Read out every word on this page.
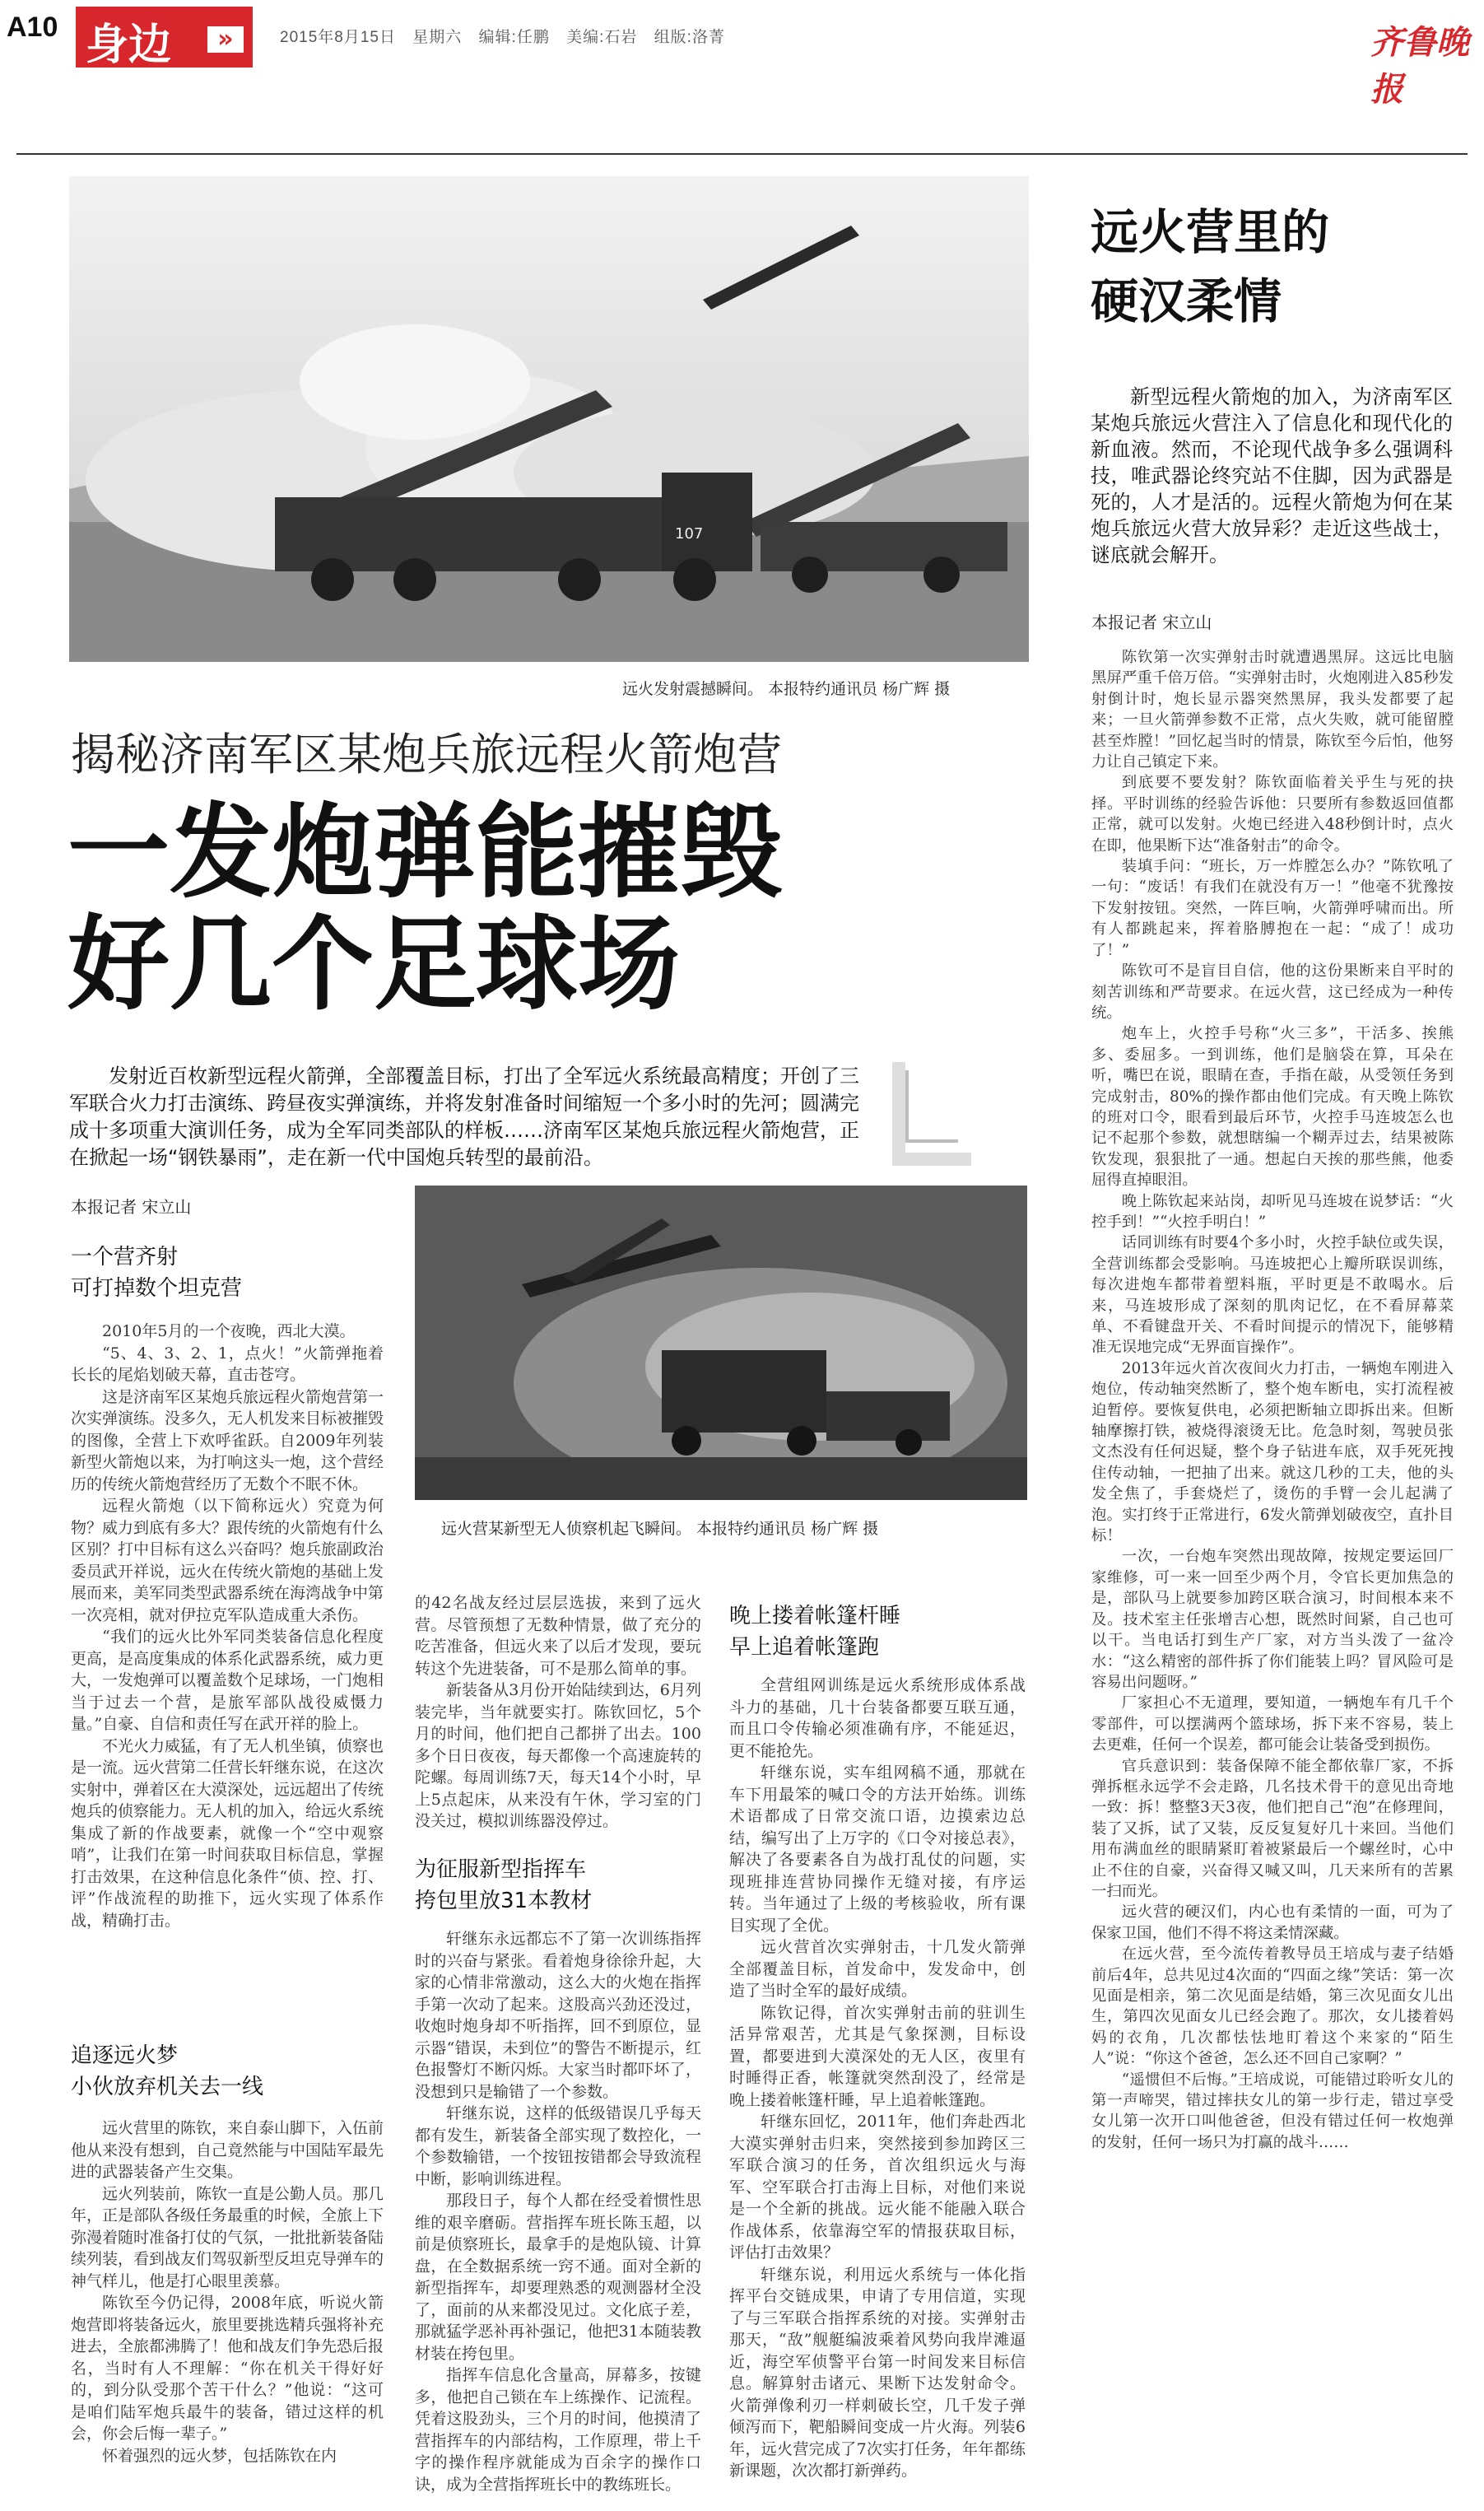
A10 身边	»	2015年8月15日 星期六 编辑:任鹏 美编:石岩 组版:洛菁	齐鲁晚报
107
远火发射震撼瞬间。 本报特约通讯员 杨广辉 摄
揭秘济南军区某炮兵旅远程火箭炮营
一发炮弹能摧毁
好几个足球场
发射近百枚新型远程火箭弹，全部覆盖目标，打出了全军远火系统最高精度；开创了三军联合火力打击演练、跨昼夜实弹演练，并将发射准备时间缩短一个多小时的先河；圆满完成十多项重大演训任务，成为全军同类部队的样板……济南军区某炮兵旅远程火箭炮营，正在掀起一场“钢铁暴雨”，走在新一代中国炮兵转型的最前沿。
远火营某新型无人侦察机起飞瞬间。 本报特约通讯员 杨广辉 摄
本报记者 宋立山
一个营齐射
可打掉数个坦克营

2010年5月的一个夜晚，西北大漠。

“5、4、3、2、1，点火！”火箭弹拖着长长的尾焰划破天幕，直击苍穹。

这是济南军区某炮兵旅远程火箭炮营第一次实弹演练。没多久，无人机发来目标被摧毁的图像，全营上下欢呼雀跃。自2009年列装新型火箭炮以来，为打响这头一炮，这个营经历的传统火箭炮营经历了无数个不眠不休。

远程火箭炮（以下简称远火）究竟为何物？威力到底有多大？跟传统的火箭炮有什么区别？打中目标有这么兴奋吗？炮兵旅副政治委员武开祥说，远火在传统火箭炮的基础上发展而来，美军同类型武器系统在海湾战争中第一次亮相，就对伊拉克军队造成重大杀伤。

“我们的远火比外军同类装备信息化程度更高，是高度集成的体系化武器系统，威力更大，一发炮弹可以覆盖数个足球场，一门炮相当于过去一个营，是旅军部队战役威慑力量。”自豪、自信和责任写在武开祥的脸上。

不光火力威猛，有了无人机坐镇，侦察也是一流。远火营第二任营长轩继东说，在这次实射中，弹着区在大漠深处，远远超出了传统炮兵的侦察能力。无人机的加入，给远火系统集成了新的作战要素，就像一个“空中观察哨”，让我们在第一时间获取目标信息，掌握打击效果，在这种信息化条件“侦、控、打、评”作战流程的助推下，远火实现了体系作战，精确打击。

追逐远火梦
小伙放弃机关去一线

远火营里的陈钦，来自泰山脚下，入伍前他从来没有想到，自己竟然能与中国陆军最先进的武器装备产生交集。

远火列装前，陈钦一直是公勤人员。那几年，正是部队各级任务最重的时候，全旅上下弥漫着随时准备打仗的气氛，一批批新装备陆续列装，看到战友们驾驭新型反坦克导弹车的神气样儿，他是打心眼里羡慕。

陈钦至今仍记得，2008年底，听说火箭炮营即将装备远火，旅里要挑选精兵强将补充进去，全旅都沸腾了！他和战友们争先恐后报名，当时有人不理解：“你在机关干得好好的，到分队受那个苦干什么？”他说：“这可是咱们陆军炮兵最牛的装备，错过这样的机会，你会后悔一辈子。”

怀着强烈的远火梦，包括陈钦在内

的42名战友经过层层选拔，来到了远火营。尽管预想了无数种情景，做了充分的吃苦准备，但远火来了以后才发现，要玩转这个先进装备，可不是那么简单的事。

新装备从3月份开始陆续到达，6月列装完毕，当年就要实打。陈钦回忆，5个月的时间，他们把自己都拼了出去。100多个日日夜夜，每天都像一个高速旋转的陀螺。每周训练7天，每天14个小时，早上5点起床，从来没有午休，学习室的门没关过，模拟训练器没停过。

为征服新型指挥车
挎包里放31本教材

轩继东永远都忘不了第一次训练指挥时的兴奋与紧张。看着炮身徐徐升起，大家的心情非常激动，这么大的火炮在指挥手第一次动了起来。这股高兴劲还没过，收炮时炮身却不听指挥，回不到原位，显示器“错误，未到位”的警告不断提示，红色报警灯不断闪烁。大家当时都吓坏了，没想到只是输错了一个参数。

轩继东说，这样的低级错误几乎每天都有发生，新装备全部实现了数控化，一个参数输错，一个按钮按错都会导致流程中断，影响训练进程。

那段日子，每个人都在经受着惯性思维的艰辛磨砺。营指挥车班长陈玉超，以前是侦察班长，最拿手的是炮队镜、计算盘，在全数据系统一窍不通。面对全新的新型指挥车，却要理熟悉的观测器材全没了，面前的从来都没见过。文化底子差，那就猛学恶补再补强记，他把31本随装教材装在挎包里。

指挥车信息化含量高，屏幕多，按键多，他把自己锁在车上练操作、记流程。凭着这股劲头，三个月的时间，他摸清了营指挥车的内部结构，工作原理，带上千字的操作程序就能成为百余字的操作口诀，成为全营指挥班长中的教练班长。

晚上搂着帐篷杆睡
早上追着帐篷跑

全营组网训练是远火系统形成体系战斗力的基础，几十台装备都要互联互通，而且口令传输必须准确有序，不能延迟，更不能抢先。

轩继东说，实车组网稿不通，那就在车下用最笨的喊口令的方法开始练。训练术语都成了日常交流口语，边摸索边总结，编写出了上万字的《口令对接总表》，解决了各要素各自为战打乱仗的问题，实现班排连营协同操作无缝对接，有序运转。当年通过了上级的考核验收，所有课目实现了全优。

远火营首次实弹射击，十几发火箭弹全部覆盖目标，首发命中，发发命中，创造了当时全军的最好成绩。

陈钦记得，首次实弹射击前的驻训生活异常艰苦，尤其是气象探测，目标设置，都要进到大漠深处的无人区，夜里有时睡得正香，帐篷就突然刮没了，经常是晚上搂着帐篷杆睡，早上追着帐篷跑。

轩继东回忆，2011年，他们奔赴西北大漠实弹射击归来，突然接到参加跨区三军联合演习的任务，首次组织远火与海军、空军联合打击海上目标，对他们来说是一个全新的挑战。远火能不能融入联合作战体系，依靠海空军的情报获取目标，评估打击效果？

轩继东说，利用远火系统与一体化指挥平台交链成果，申请了专用信道，实现了与三军联合指挥系统的对接。实弹射击那天，“敌”舰艇编波乘着风势向我岸滩逼近，海空军侦警平台第一时间发来目标信息。解算射击诸元、果断下达发射命令。火箭弹像利刃一样刺破长空，几千发子弹倾泻而下，靶船瞬间变成一片火海。列装6年，远火营完成了7次实打任务，年年都练新课题，次次都打新弹药。

远火营里的
硬汉柔情
新型远程火箭炮的加入，为济南军区某炮兵旅远火营注入了信息化和现代化的新血液。然而，不论现代战争多么强调科技，唯武器论终究站不住脚，因为武器是死的，人才是活的。远程火箭炮为何在某炮兵旅远火营大放异彩？走近这些战士，谜底就会解开。
本报记者 宋立山

陈钦第一次实弹射击时就遭遇黑屏。这远比电脑黑屏严重千倍万倍。“实弹射击时，火炮刚进入85秒发射倒计时，炮长显示器突然黑屏，我头发都要了起来；一旦火箭弹参数不正常，点火失败，就可能留膛甚至炸膛！”回忆起当时的情景，陈钦至今后怕，他努力让自己镇定下来。

到底要不要发射？陈钦面临着关乎生与死的抉择。平时训练的经验告诉他：只要所有参数返回值都正常，就可以发射。火炮已经进入48秒倒计时，点火在即，他果断下达“准备射击”的命令。

装填手问：“班长，万一炸膛怎么办？”陈钦吼了一句：“废话！有我们在就没有万一！”他毫不犹豫按下发射按钮。突然，一阵巨响，火箭弹呼啸而出。所有人都跳起来，挥着胳膊抱在一起：“成了！成功了！”

陈钦可不是盲目自信，他的这份果断来自平时的刻苦训练和严苛要求。在远火营，这已经成为一种传统。

炮车上，火控手号称“火三多”，干活多、挨熊多、委屈多。一到训练，他们是脑袋在算，耳朵在听，嘴巴在说，眼睛在查，手指在敲，从受领任务到完成射击，80%的操作都由他们完成。有天晚上陈钦的班对口令，眼看到最后环节，火控手马连坡怎么也记不起那个参数，就想瞎编一个糊弄过去，结果被陈钦发现，狠狠批了一通。想起白天挨的那些熊，他委屈得直掉眼泪。

晚上陈钦起来站岗，却听见马连坡在说梦话：“火控手到！”“火控手明白！”

话同训练有时要4个多小时，火控手缺位或失误，全营训练都会受影响。马连坡把心上瓣所联误训练，每次进炮车都带着塑料瓶，平时更是不敢喝水。后来，马连坡形成了深刻的肌肉记忆，在不看屏幕菜单、不看键盘开关、不看时间提示的情况下，能够精准无误地完成“无界面盲操作”。

2013年远火首次夜间火力打击，一辆炮车刚进入炮位，传动轴突然断了，整个炮车断电，实打流程被迫暂停。要恢复供电，必须把断轴立即拆出来。但断轴摩擦打铁，被烧得滚烫无比。危急时刻，驾驶员张文杰没有任何迟疑，整个身子钻进车底，双手死死拽住传动轴，一把抽了出来。就这几秒的工夫，他的头发全焦了，手套烧烂了，烫伤的手臂一会儿起满了泡。实打终于正常进行，6发火箭弹划破夜空，直扑目标！

一次，一台炮车突然出现故障，按规定要运回厂家维修，可一来一回至少两个月，令官长更加焦急的是，部队马上就要参加跨区联合演习，时间根本来不及。技术室主任张增吉心想，既然时间紧，自己也可以干。当电话打到生产厂家，对方当头泼了一盆冷水：“这么精密的部件拆了你们能装上吗？冒风险可是容易出问题呀。”

厂家担心不无道理，要知道，一辆炮车有几千个零部件，可以摆满两个篮球场，拆下来不容易，装上去更难，任何一个误差，都可能会让装备受到损伤。

官兵意识到：装备保障不能全都依靠厂家，不拆弹拆框永远学不会走路，几名技术骨干的意见出奇地一致：拆！整整3天3夜，他们把自己“泡”在修理间，装了又拆，试了又装，反反复复好几十来回。当他们用布满血丝的眼睛紧盯着被紧最后一个螺丝时，心中止不住的自豪，兴奋得又喊又叫，几天来所有的苦累一扫而光。

远火营的硬汉们，内心也有柔情的一面，可为了保家卫国，他们不得不将这柔情深藏。

在远火营，至今流传着教导员王培成与妻子结婚前后4年，总共见过4次面的“四面之缘”笑话：第一次见面是相亲，第二次见面是结婚，第三次见面女儿出生，第四次见面女儿已经会跑了。那次，女儿搂着妈妈的衣角，几次都怯怯地盯着这个来家的“陌生人”说：“你这个爸爸，怎么还不回自己家啊？”

“遥惯但不后悔。”王培成说，可能错过聆听女儿的第一声啼哭，错过摔扶女儿的第一步行走，错过享受女儿第一次开口叫他爸爸，但没有错过任何一枚炮弹的发射，任何一场只为打赢的战斗……
